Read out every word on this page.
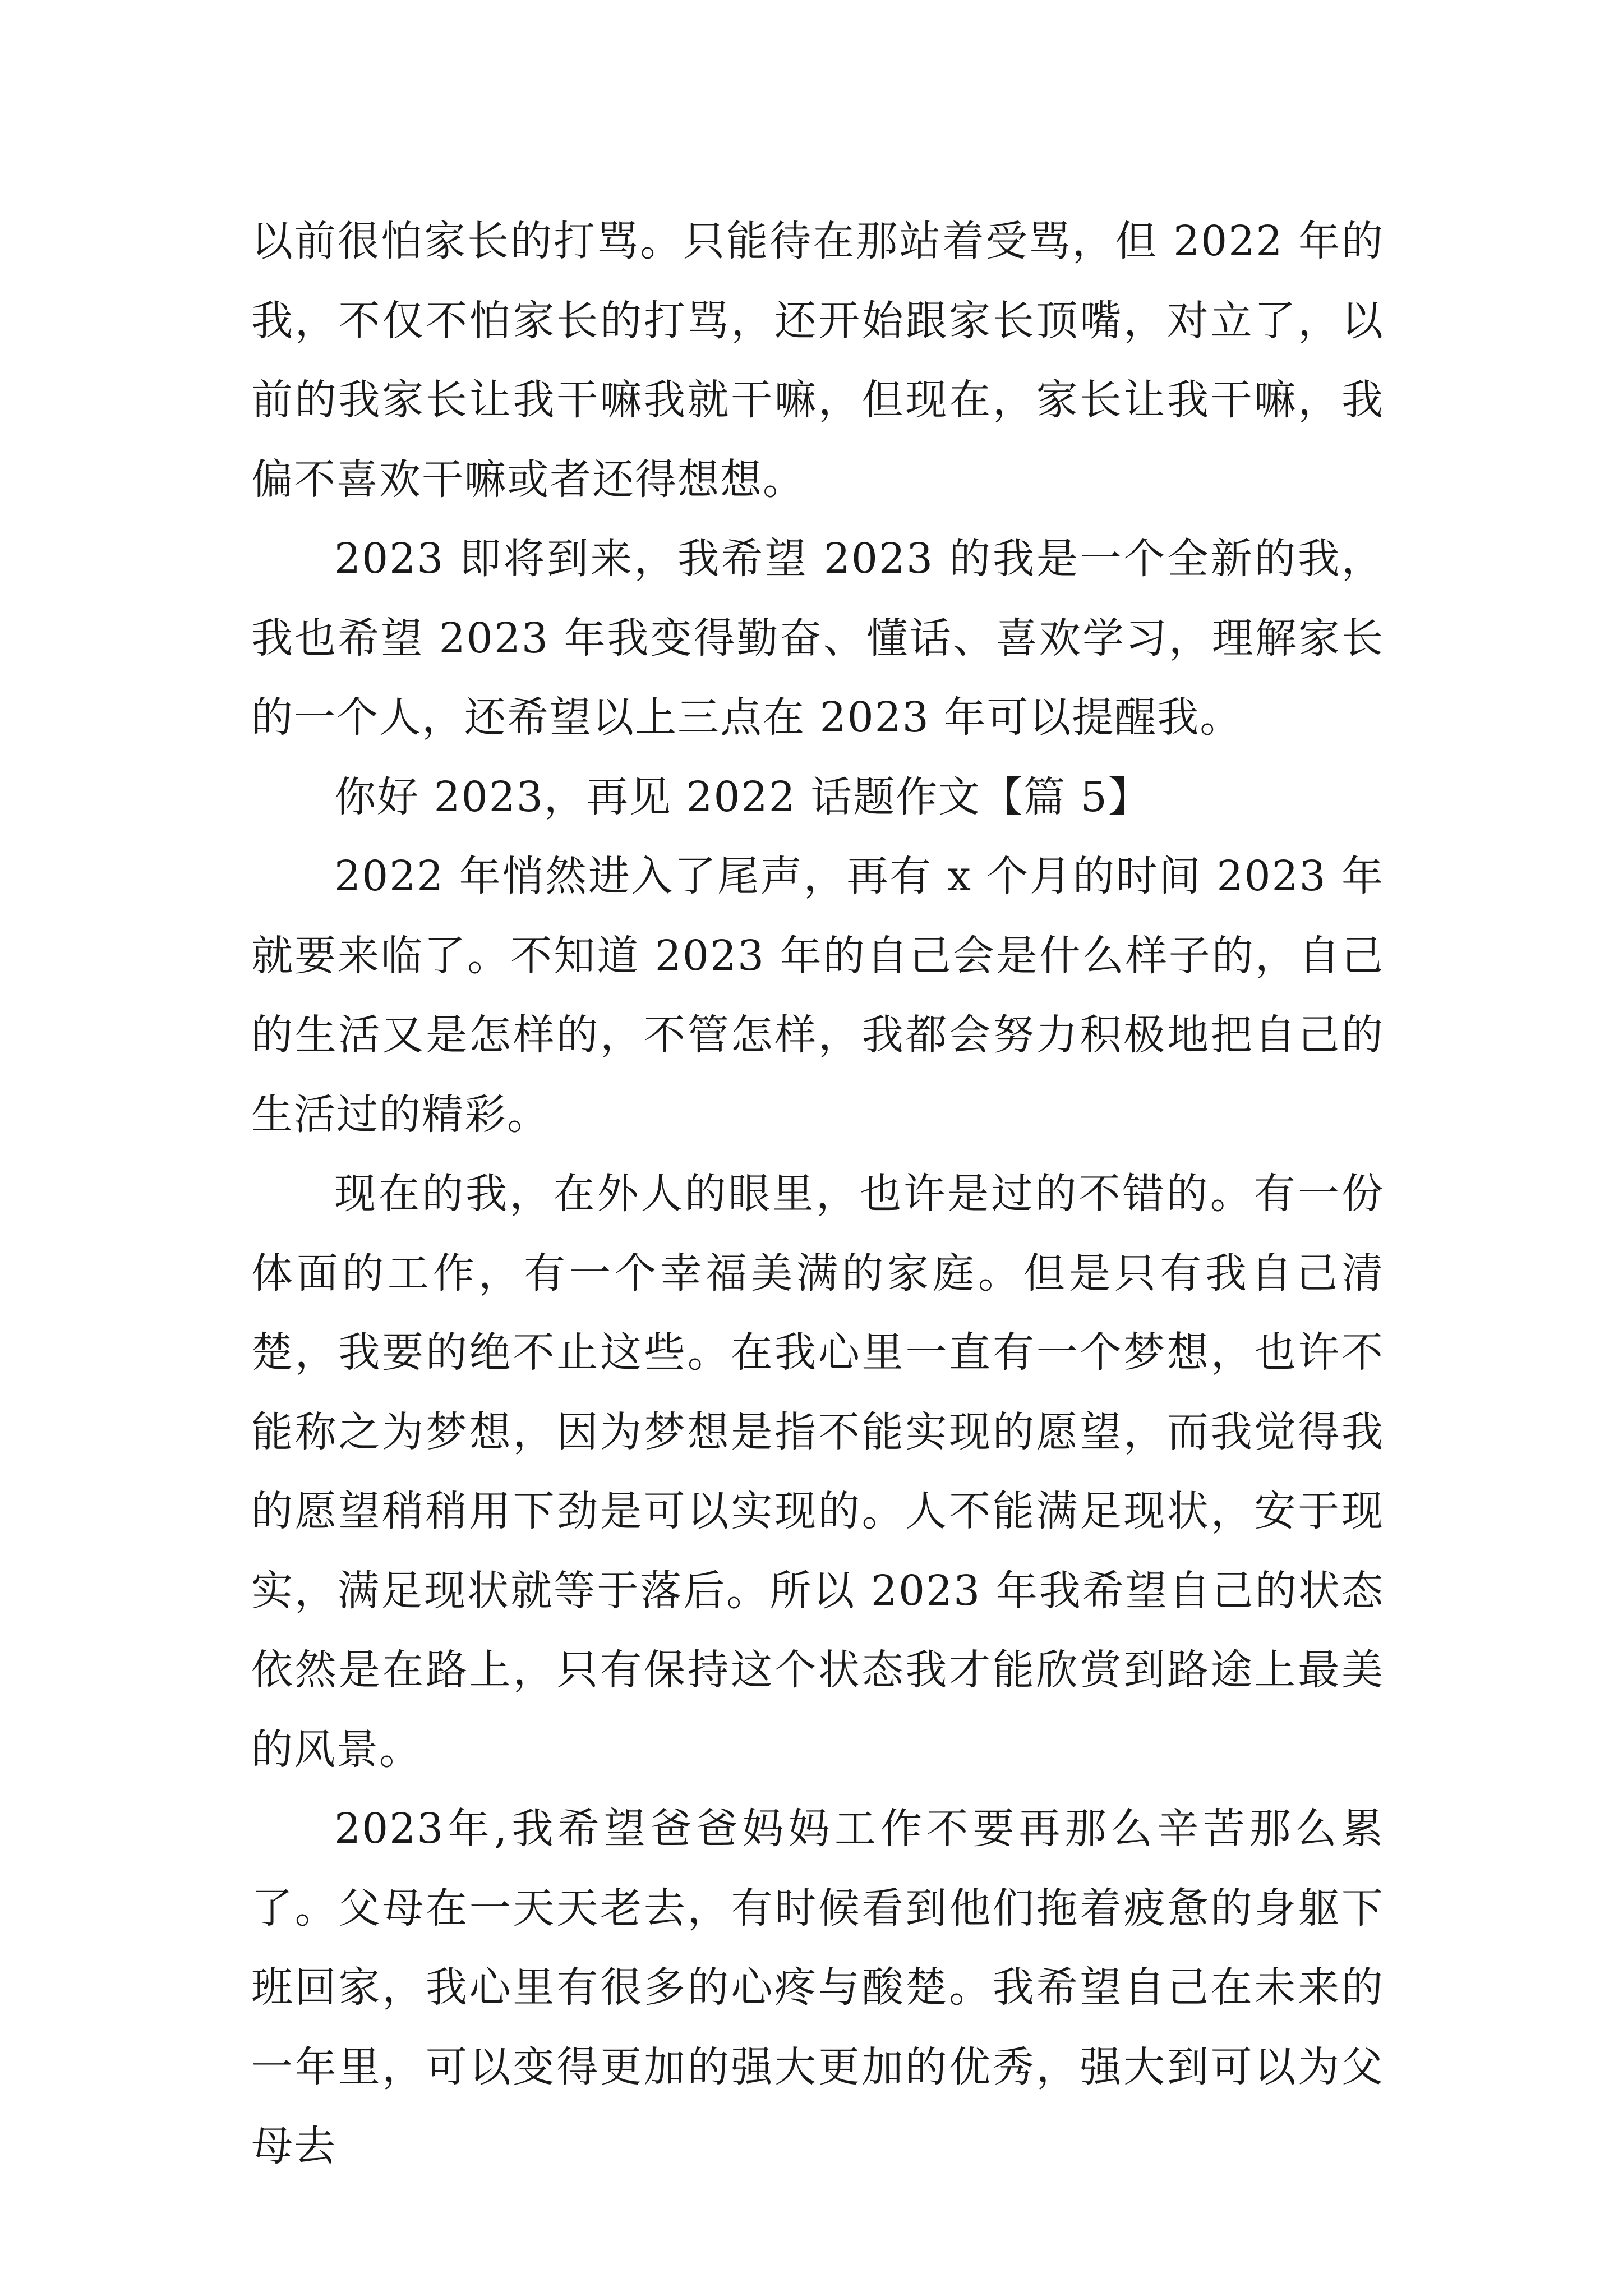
以前很怕家长的打骂。只能待在那站着受骂，但 2022 年的我，不仅不怕家长的打骂，还开始跟家长顶嘴，对立了，以前的我家长让我干嘛我就干嘛，但现在，家长让我干嘛，我偏不喜欢干嘛或者还得想想。

2023 即将到来，我希望 2023 的我是一个全新的我，我也希望 2023 年我变得勤奋、懂话、喜欢学习，理解家长的一个人，还希望以上三点在 2023 年可以提醒我。

你好 2023，再见 2022 话题作文【篇 5】

2022 年悄然进入了尾声，再有 x 个月的时间 2023 年就要来临了。不知道 2023 年的自己会是什么样子的，自己的生活又是怎样的，不管怎样，我都会努力积极地把自己的生活过的精彩。

现在的我，在外人的眼里，也许是过的不错的。有一份体面的工作，有一个幸福美满的家庭。但是只有我自己清楚，我要的绝不止这些。在我心里一直有一个梦想，也许不能称之为梦想，因为梦想是指不能实现的愿望，而我觉得我的愿望稍稍用下劲是可以实现的。人不能满足现状，安于现实，满足现状就等于落后。所以 2023 年我希望自己的状态依然是在路上，只有保持这个状态我才能欣赏到路途上最美的风景。

2023年,我希望爸爸妈妈工作不要再那么辛苦那么累了。父母在一天天老去，有时候看到他们拖着疲惫的身躯下班回家，我心里有很多的心疼与酸楚。我希望自己在未来的一年里，可以变得更加的强大更加的优秀，强大到可以为父母去
